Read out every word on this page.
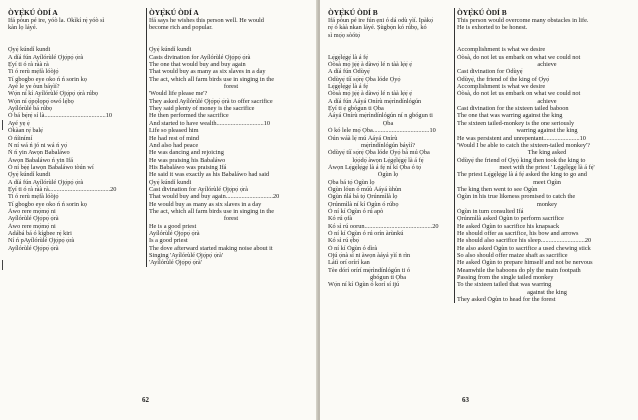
ÒYẸ̀KÚ ÒDÍ A
Ifá pòun pé ire, yóò la. Òkìkí rẹ̀ yóò sì
kàn lọ láyé.
Ọ̀yẹ̀ kúndí kundi
A díá fún Ayílórùlé Ọ̀jọ̀pọ̀ ọ̀rà
Ẹ̀yí ti ó rà ràà rà
Ti ó rerù mẹ́fà lóòjọ́
Tí gbogbo eye oko ń ń sorin kọ
Ayé le ye òun báyìí?
Wọ́n ní kí Ayílórùlé Ọ̀jọ̀pọ̀ ọ̀rà rúbọ
Wọ́n ní ọ̀pọ̀lọpọ̀ owó lẹ́bọ
Ayílórùlé bá rúbọ
Ó bá bẹ̀rẹ̀ sí là.......................................10
Ayé yẹ ẹ́
Òkàan rẹ̀ balẹ̀
Ó ńíinímí
N ní wá ń jó ni wá ń yọ̀
Ń ń yin Awọn Babaláwo
Àwọn Babaláwo ń yin Ifá
Ó ní bẹ́ẹ̀ lawọn Babaláwo tòún wí
Ọ̀yẹ̀ kúndí kundi
A díá fún Ayílórùlé Ọ̀jọ̀pọ̀ ọ̀rà
Ẹ̀yí ti ó rà ràà rà.......................................20
Ti ó rerù mẹ́fà lóòjọ́
Tí gbogbo eye oko ń ń sorin kọ
Àwo rere mọ̀mọ̀ ni
Ayílórùlé Ọ̀jọ̀pọ̀ ọ̀rà
Àwo rere mọ̀mọ̀ ni
Adábá bá ó kígbee rẹ̀ kiri
Ní ń pAyílórùlé Ọ̀jọ̀pọ̀ ọ̀rà
Ayílórùlé Ọ̀jọ̀pọ̀ ọ̀rà
ÒYẸ̀KÚ ÒDÍ A
Ifá says he wishes this person well. He would
become rich and popular.
Ọ̀yẹ̀ kúndí kundi
Casts divination for Ayílórùlé Ọ̀jọ̀pọ̀ ọ̀rà
The one that would buy and buy again
That would buy as many as six slaves in a day
The act, which all farm birds use in singing in the
forest
'Would life please me'?
They asked Ayílórùlé Ọ̀jọ̀pọ̀ ọ̀rà to offer sacrifice
They said plenty of money is the sacrifice
He then performed the sacrifice
And started to have wealth..............................10
Life so pleased him
He had rest of mind
And also had peace
He was dancing and rejoicing
He was praising his Babaláwo
His Babaláwo was praising Ifá
He said it was exactly as his Babaláwo had said
Ọ̀yẹ̀ kúndí kundi
Cast divination for Ayílórùlé Ọ̀jọ̀pọ̀ ọ̀rà
That would buy and buy again..............................20
He would buy as many as six slaves in a day
The act, which all farm birds use in singing in the
forest
He is a good priest
Ayílórùlé Ọ̀jọ̀pọ̀ ọ̀rà
Is a good priest
The dove afterward started making noise about it
Singing 'Ayílórùlé Ọ̀jọ̀pọ̀ ọ̀rà'
'Ayílórùlé Ọ̀jọ̀pọ̀ ọ̀rà'
62
ÒYẸ̀KÚ ÒDÍ B
Ifá pòun pé ire fún ẹni ó dá odù yìí. Ìpàkọ̀
rẹ̀ ó kàà nkan láyé. Ṣùgbọ́n kó rúbọ, kó
sì mọ̀ọ sòótọ́
Lẹ̀gẹ̀lẹ̀gẹ̀ là á fẹ̀
Òòsà mọ̀ jẹ̀ẹ́ à dàwọ̀ lé n tàà lẹ̀ẹ̀ ẹ̀
A díá fún Òdùyẹ̀
Òdùyẹ̀ tíí sọ̀rẹ̀ Ọba lóde Ọ̀yọ́
Lẹ̀gẹ̀lẹ̀gẹ̀ là á fẹ̀
Òòsà mọ̀ jẹ̀ẹ́ à dàwọ̀ lé n tàà lẹ̀ẹ̀ ẹ̀
A díá fún Àáyá Onírù mẹ́rìndínlógún
Ẹ̀yí ti ẹ̀ gbógun ti Ọba
Àáyá Onírù mẹ́rìndínlógún ní n gbógun ti
Ọba
Ó kó lele mọ̀ Ọba....................................10
Òún wáà lẹ̀ mú Àáyá Onírù
mẹ́rìndínlógún báyìí?
Òdùyẹ̀ tíí sọ̀rẹ̀ Ọba lóde Ọ̀yọ́ bá mú Ọba
lọ̀ọ̀dọ̀ àwọn Lẹ̀gẹ̀lẹ̀gẹ̀ là á fẹ̀
Àwọn Lẹ̀gẹ̀lẹ̀gẹ̀ là á fẹ̀ ní kí Ọba ó tọ̀
Ògùn lọ
Ọba bá tọ̀ Ògùn lọ
Ògùn lóun ó múù Àáyá ùhùn
Ògùn ńlá bá tọ̀ Ọrúnmìlà lọ
Ọrúnmìlà ní kí Ògùn ó rúbọ
Ó ní kí Ògùn ó rú apò
Kó rú ọfà
Kó sì rú oorun...........................................20
Ó ní kí Ògùn ó rú orín àrùnkú
Kó sì rú ẹ̀bọ̀
Ó ní kí Ògùn ó dìrà
Ojú ọ̀nà sì ni àwọn àáyá yìí ṅ rìn
Látì orí orírí kan
Tèe dórí orírí mẹ́rìndínlógún ti ó
gbógun ti Ọba
Wọ́n ní kí Ògùn ó korí sí ijú
ÒYẸ̀KÚ ÒDÍ B
This person would overcome many obstacles in life.
He is exhorted to be honest.
Accomplishment is what we desire
Òòsà, do not let us embark on what we could not
achieve
Cast divination for Òdùyẹ̀
Òdùyẹ̀, the friend of the king of Ọ̀yọ́
Accomplishment is what we desire
Òòsà, do not let us embark on what we could not
achieve
Cast divination for the sixteen tailed baboon
The one that was warring against the king
The sixteen tailed-monkey is the one seriously
warring against the king
He was persistent and unrepentant.......................10
'Would I be able to catch the sixteen-tailed monkey'?
The king asked
Òdùyẹ̀ the friend of Ọ̀yọ́ king then took the king to
meet with the priest ' Lẹ̀gẹ̀lẹ̀gẹ̀ là á fẹ̀'
The priest Lẹ̀gẹ̀lẹ̀gẹ̀ là á fẹ̀ asked the king to go and
meet Ògùn
The king then went to see Ògùn
Ògùn in his true likeness promised to catch the
monkey
Ògùn in turn consulted Ifá
Ọrúnmìlà asked Ògùn to perform sacrifice
He asked Ògùn to sacrifice his knapsack
He should offer as sacrifice, his bow and arrows
He should also sacrifice his sleep............................20
He also asked Ògùn to sacrifice a used chewing stick
So also should offer maize shaft as sacrifice
He asked Ògùn to prepare himself and not be nervous
Meanwhile the baboons do ply the main footpath
Passing from the single tailed monkey
To the sixteen tailed that was warring
against the king
They asked Ògùn to head for the forest
63
